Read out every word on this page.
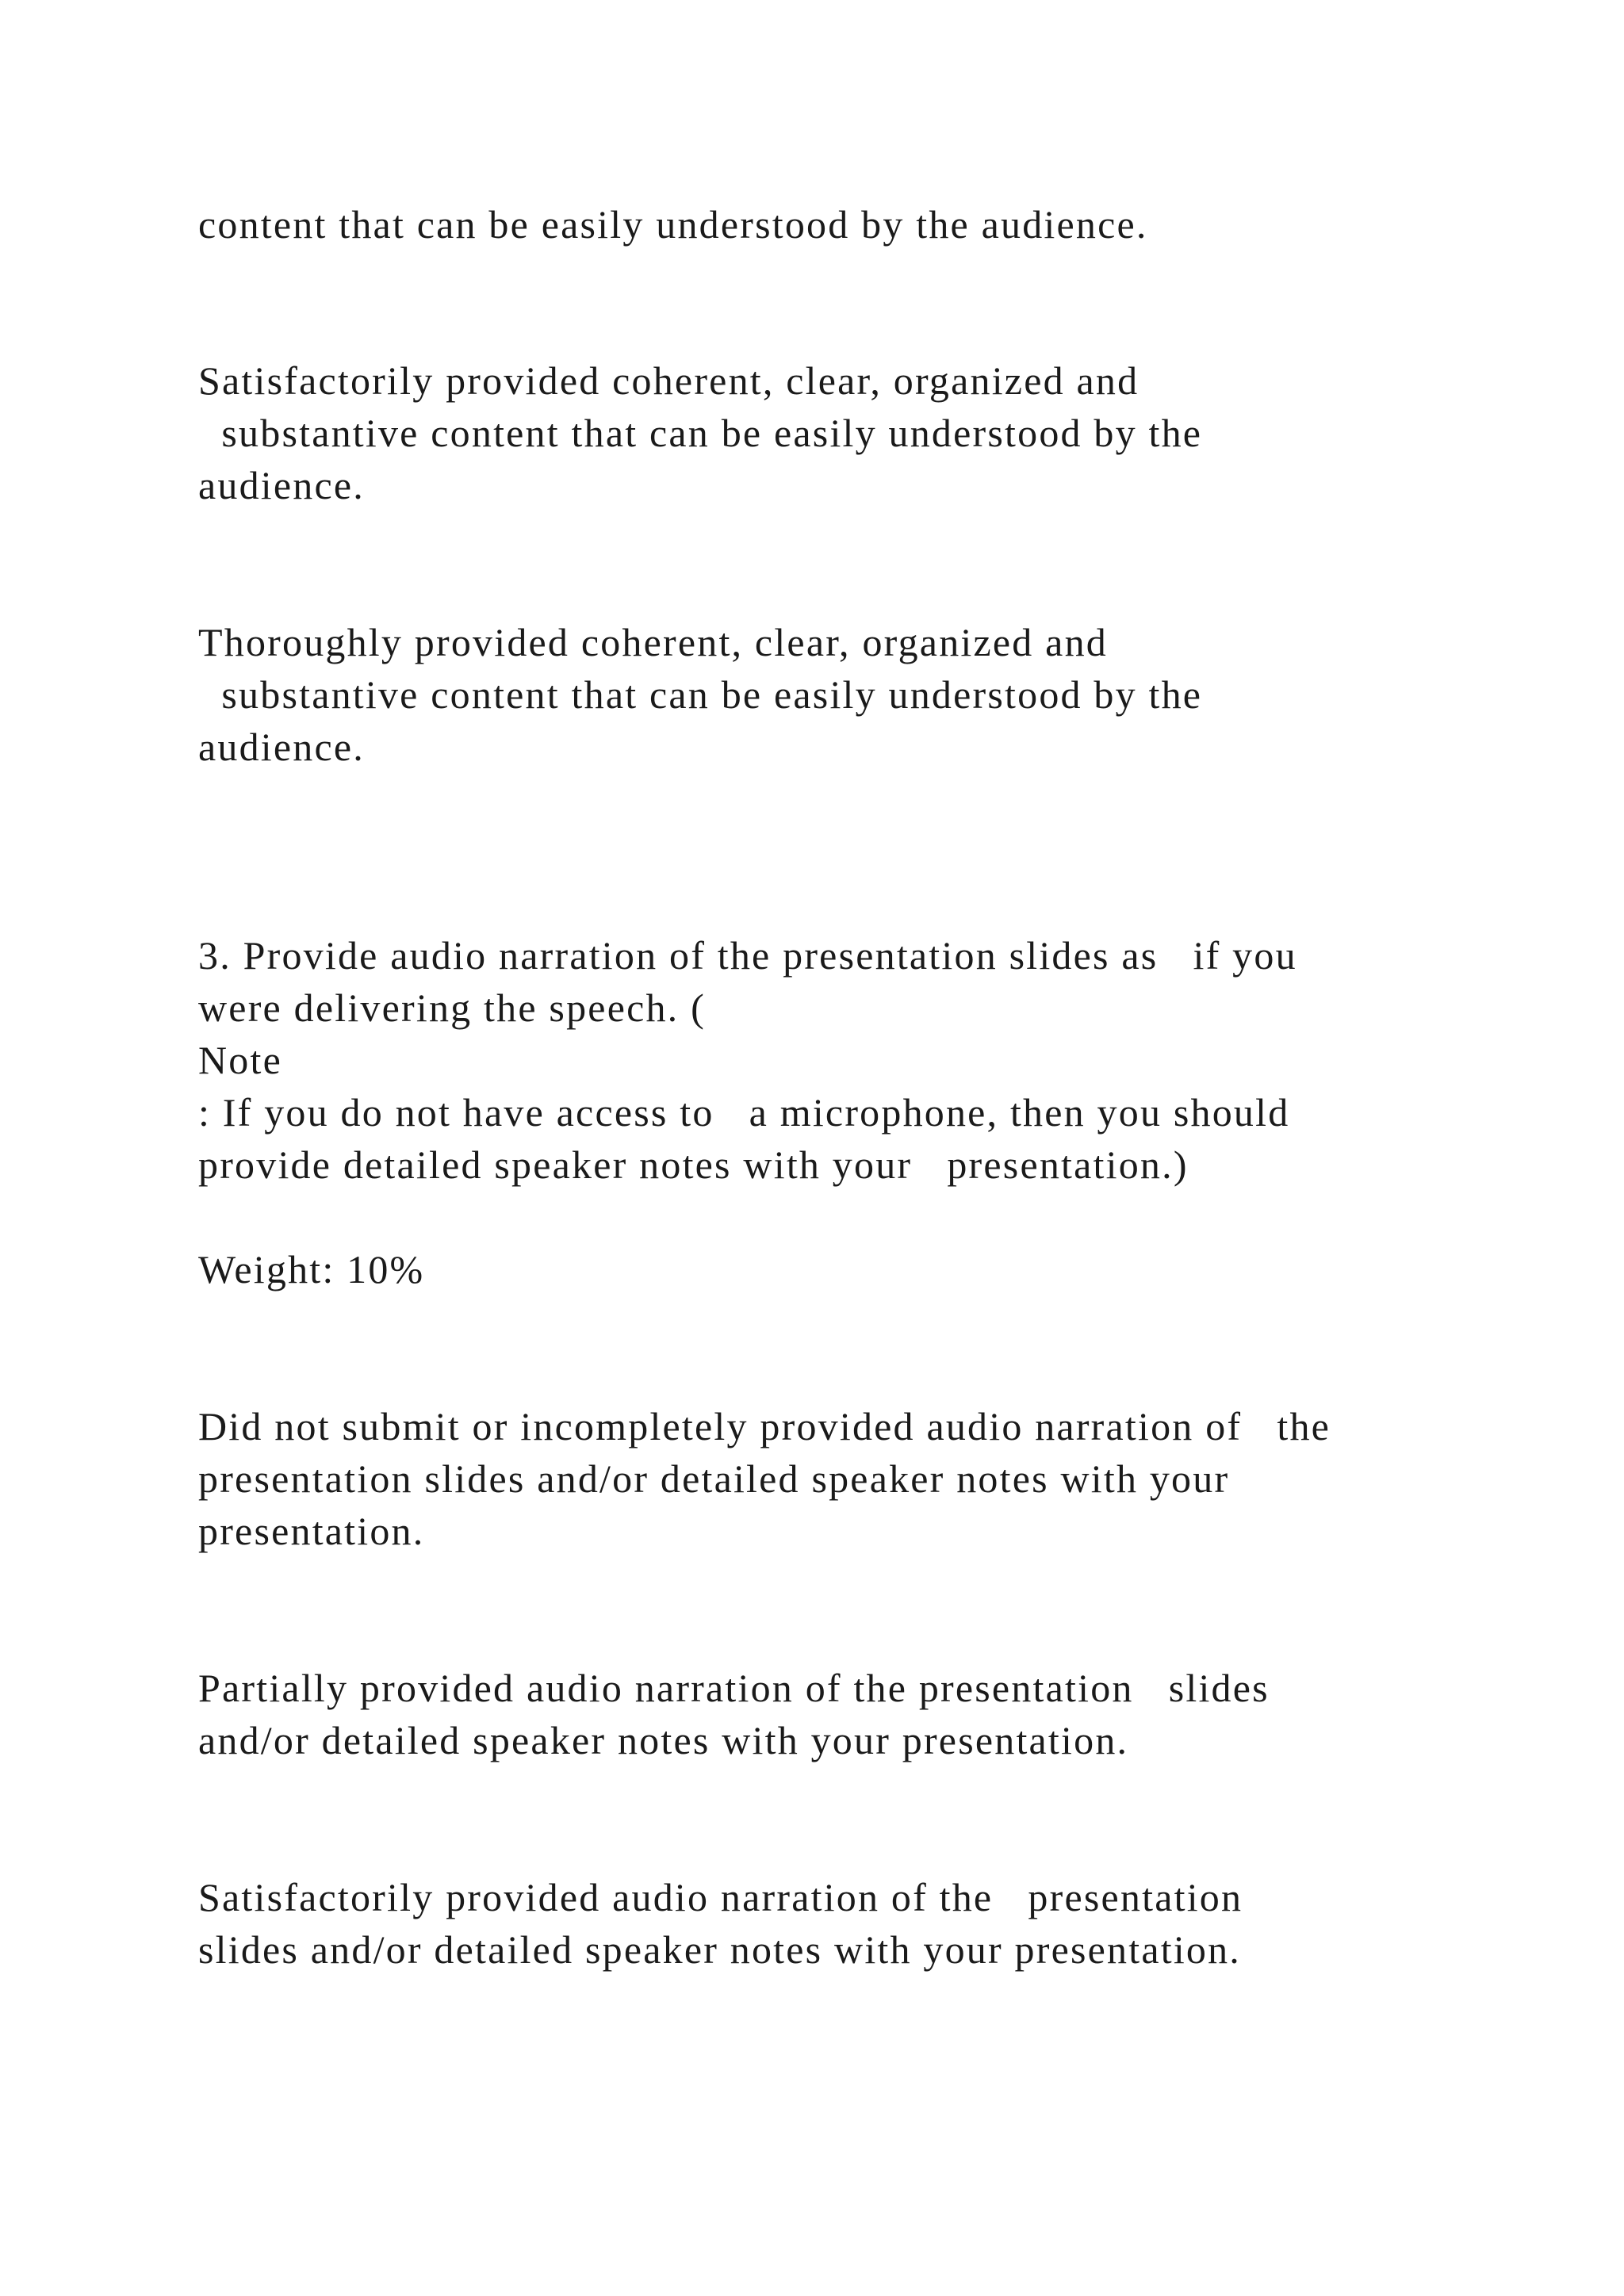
content that can be easily understood by the audience.

Satisfactorily provided coherent, clear, organized and

substantive content that can be easily understood by the

audience.

Thoroughly provided coherent, clear, organized and

substantive content that can be easily understood by the

audience.

3. Provide audio narration of the presentation slides as   if you

were delivering the speech. (

Note

: If you do not have access to   a microphone, then you should

provide detailed speaker notes with your   presentation.)

Weight: 10%

Did not submit or incompletely provided audio narration of   the

presentation slides and/or detailed speaker notes with your

presentation.

Partially provided audio narration of the presentation   slides

and/or detailed speaker notes with your presentation.

Satisfactorily provided audio narration of the   presentation

slides and/or detailed speaker notes with your presentation.
